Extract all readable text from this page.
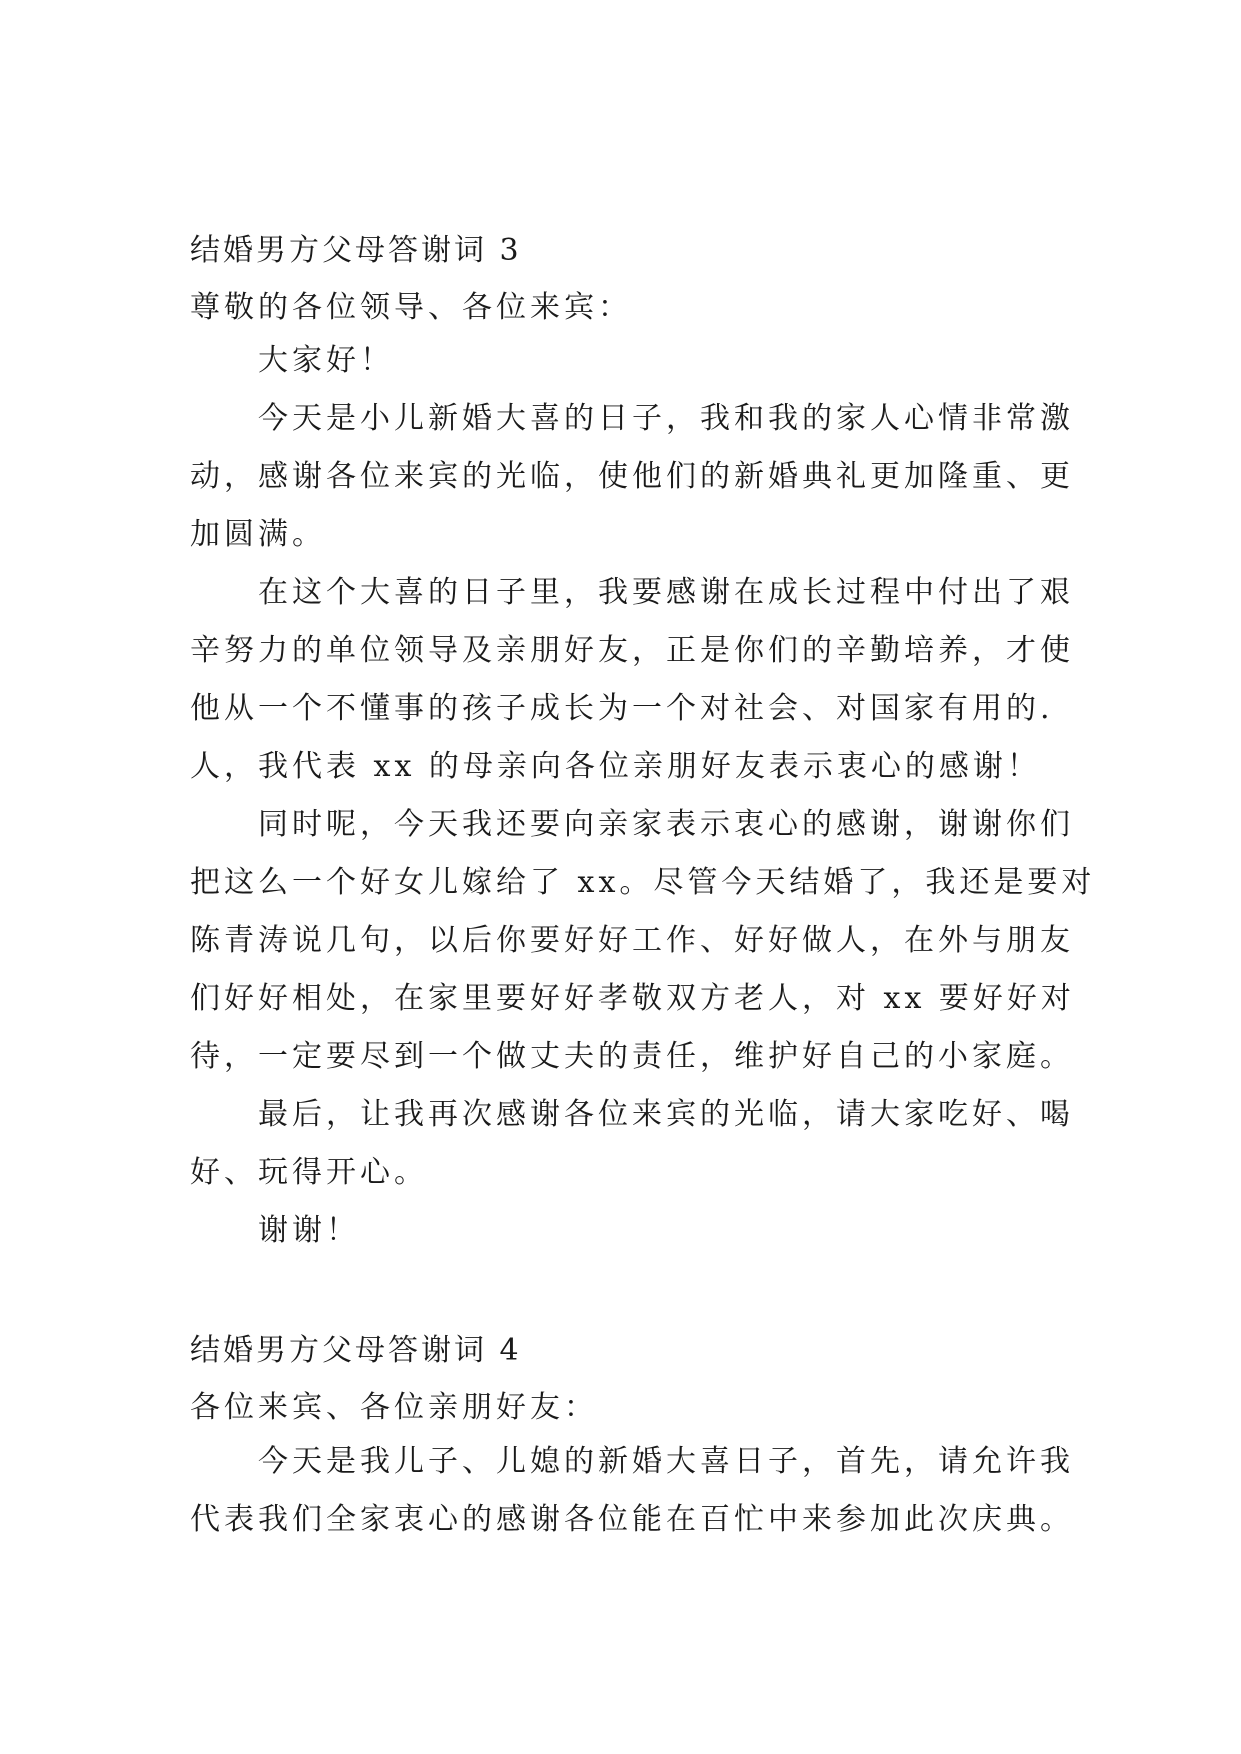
结婚男方父母答谢词 3
尊敬的各位领导、各位来宾：
大家好！
今天是小儿新婚大喜的日子，我和我的家人心情非常激
动，感谢各位来宾的光临，使他们的新婚典礼更加隆重、更
加圆满。
在这个大喜的日子里，我要感谢在成长过程中付出了艰
辛努力的单位领导及亲朋好友，正是你们的辛勤培养，才使
他从一个不懂事的孩子成长为一个对社会、对国家有用的.
人，我代表 xx 的母亲向各位亲朋好友表示衷心的感谢！
同时呢，今天我还要向亲家表示衷心的感谢，谢谢你们
把这么一个好女儿嫁给了 xx。尽管今天结婚了，我还是要对
陈青涛说几句，以后你要好好工作、好好做人，在外与朋友
们好好相处，在家里要好好孝敬双方老人，对 xx 要好好对
待，一定要尽到一个做丈夫的责任，维护好自己的小家庭。
最后，让我再次感谢各位来宾的光临，请大家吃好、喝
好、玩得开心。
谢谢！
结婚男方父母答谢词 4
各位来宾、各位亲朋好友：
今天是我儿子、儿媳的新婚大喜日子，首先，请允许我
代表我们全家衷心的感谢各位能在百忙中来参加此次庆典。
